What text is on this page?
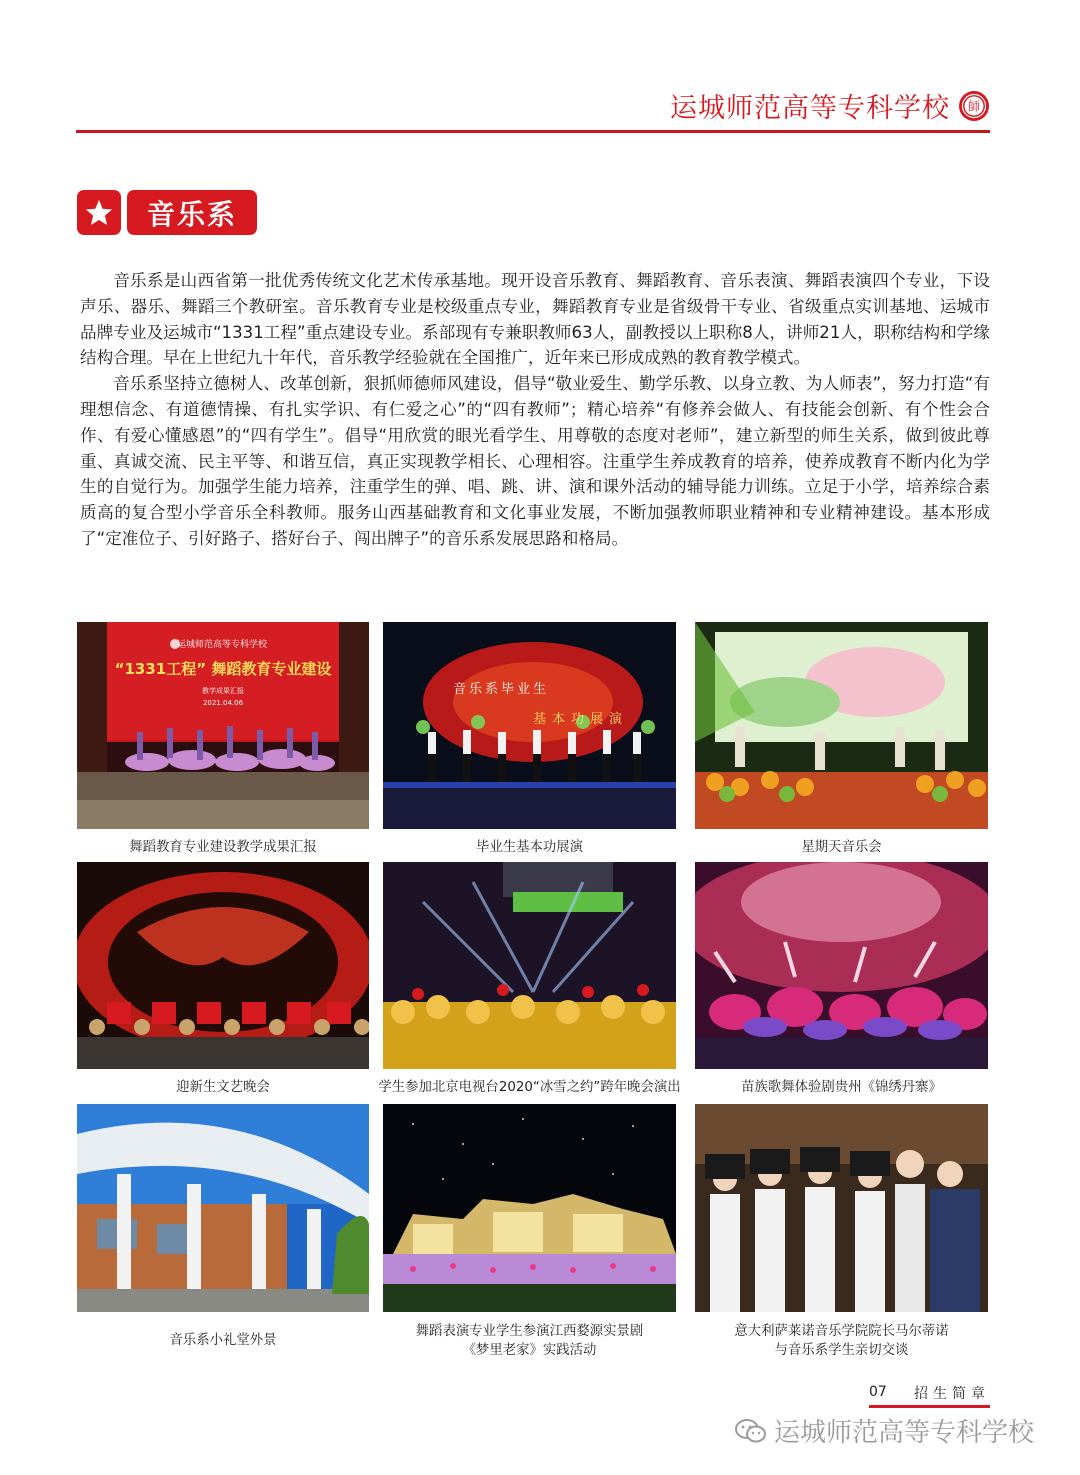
运城师范高等专科学校 師
音乐系

音乐系是山西省第一批优秀传统文化艺术传承基地。现开设音乐教育、舞蹈教育、音乐表演、舞蹈表演四个专业，下设声乐、器乐、舞蹈三个教研室。音乐教育专业是校级重点专业，舞蹈教育专业是省级骨干专业、省级重点实训基地、运城市品牌专业及运城市“1331工程”重点建设专业。系部现有专兼职教师63人，副教授以上职称8人，讲师21人，职称结构和学缘结构合理。早在上世纪九十年代，音乐教学经验就在全国推广，近年来已形成成熟的教育教学模式。

音乐系坚持立德树人、改革创新，狠抓师德师风建设，倡导“敬业爱生、勤学乐教、以身立教、为人师表”，努力打造“有理想信念、有道德情操、有扎实学识、有仁爱之心”的“四有教师”；精心培养“有修养会做人、有技能会创新、有个性会合作、有爱心懂感恩”的“四有学生”。倡导“用欣赏的眼光看学生、用尊敬的态度对老师”，建立新型的师生关系，做到彼此尊重、真诚交流、民主平等、和谐互信，真正实现教学相长、心理相容。注重学生养成教育的培养，使养成教育不断内化为学生的自觉行为。加强学生能力培养，注重学生的弹、唱、跳、讲、演和课外活动的辅导能力训练。立足于小学，培养综合素质高的复合型小学音乐全科教师。服务山西基础教育和文化事业发展，不断加强教师职业精神和专业精神建设。基本形成了“定准位子、引好路子、搭好台子、闯出牌子”的音乐系发展思路和格局。

运城师范高等专科学校
“1331工程” 舞蹈教育专业建设
教学成果汇报
2021.04.06
舞蹈教育专业建设教学成果汇报
音乐系毕业生
基本功展演
毕业生基本功展演	星期天音乐会
迎新生文艺晚会	学生参加北京电视台2020“冰雪之约”跨年晚会演出	苗族歌舞体验剧贵州《锦绣丹寨》
音乐系小礼堂外景
舞蹈表演专业学生参演江西婺源实景剧
《梦里老家》实践活动
意大利萨莱诺音乐学院院长马尔蒂诺
与音乐系学生亲切交谈
07 招生简章
运城师范高等专科学校
